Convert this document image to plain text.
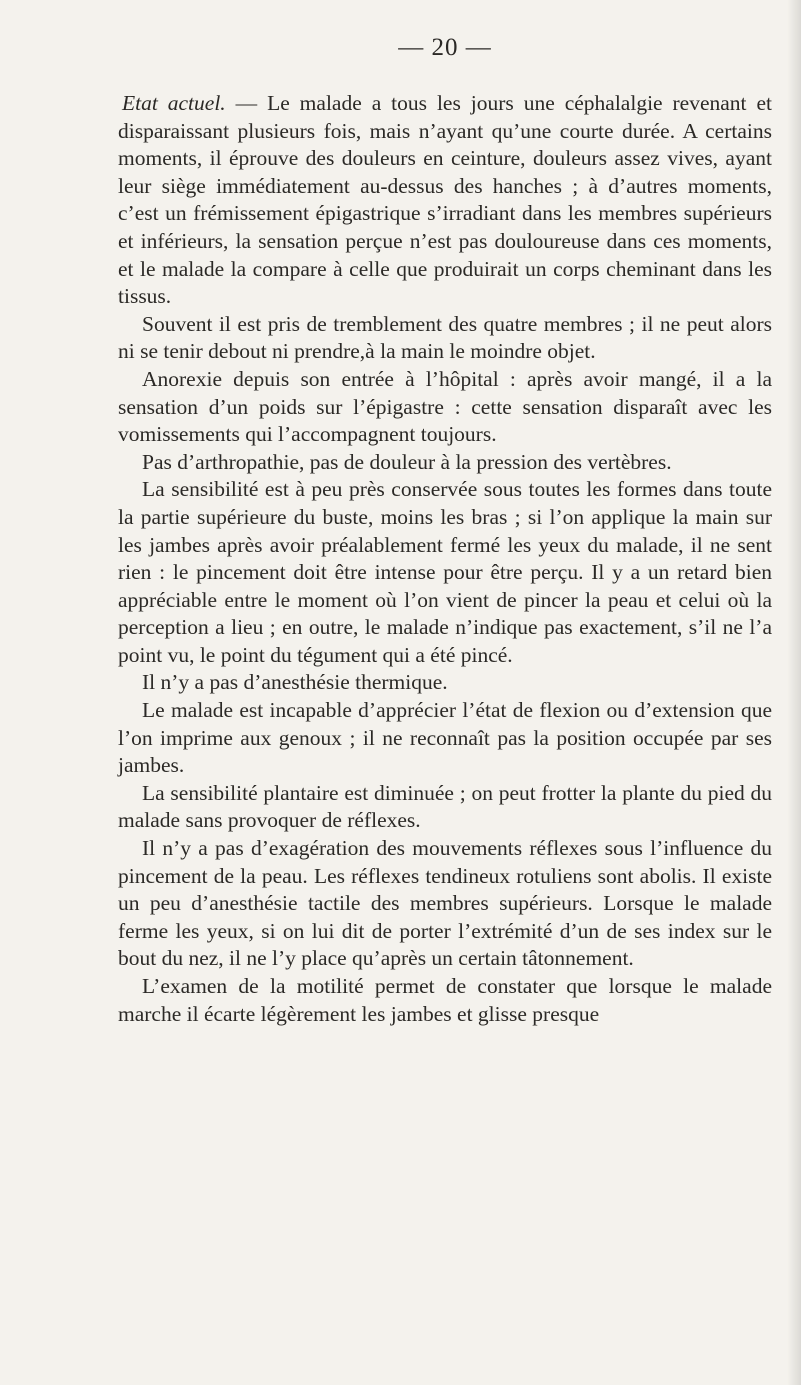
— 20 —

Etat actuel. — Le malade a tous les jours une céphalalgie revenant et disparaissant plusieurs fois, mais n’ayant qu’une courte durée. A certains moments, il éprouve des douleurs en ceinture, douleurs assez vives, ayant leur siège immédiatement au-dessus des hanches ; à d’autres moments, c’est un frémissement épigastrique s’irradiant dans les membres supérieurs et inférieurs, la sensation perçue n’est pas douloureuse dans ces moments, et le malade la compare à celle que produirait un corps cheminant dans les tissus.

Souvent il est pris de tremblement des quatre membres ; il ne peut alors ni se tenir debout ni prendre,à la main le moindre objet.

Anorexie depuis son entrée à l’hôpital : après avoir mangé, il a la sensation d’un poids sur l’épigastre : cette sensation disparaît avec les vomissements qui l’accompagnent toujours.

Pas d’arthropathie, pas de douleur à la pression des vertèbres.

La sensibilité est à peu près conservée sous toutes les formes dans toute la partie supérieure du buste, moins les bras ; si l’on applique la main sur les jambes après avoir préalablement fermé les yeux du malade, il ne sent rien : le pincement doit être intense pour être perçu. Il y a un retard bien appréciable entre le moment où l’on vient de pincer la peau et celui où la perception a lieu ; en outre, le malade n’indique pas exactement, s’il ne l’a point vu, le point du tégument qui a été pincé.

Il n’y a pas d’anesthésie thermique.

Le malade est incapable d’apprécier l’état de flexion ou d’extension que l’on imprime aux genoux ; il ne reconnaît pas la position occupée par ses jambes.

La sensibilité plantaire est diminuée ; on peut frotter la plante du pied du malade sans provoquer de réflexes.

Il n’y a pas d’exagération des mouvements réflexes sous l’influence du pincement de la peau. Les réflexes tendineux rotuliens sont abolis. Il existe un peu d’anesthésie tactile des membres supérieurs. Lorsque le malade ferme les yeux, si on lui dit de porter l’extrémité d’un de ses index sur le bout du nez, il ne l’y place qu’après un certain tâtonnement.

L’examen de la motilité permet de constater que lorsque le malade marche il écarte légèrement les jambes et glisse presque
